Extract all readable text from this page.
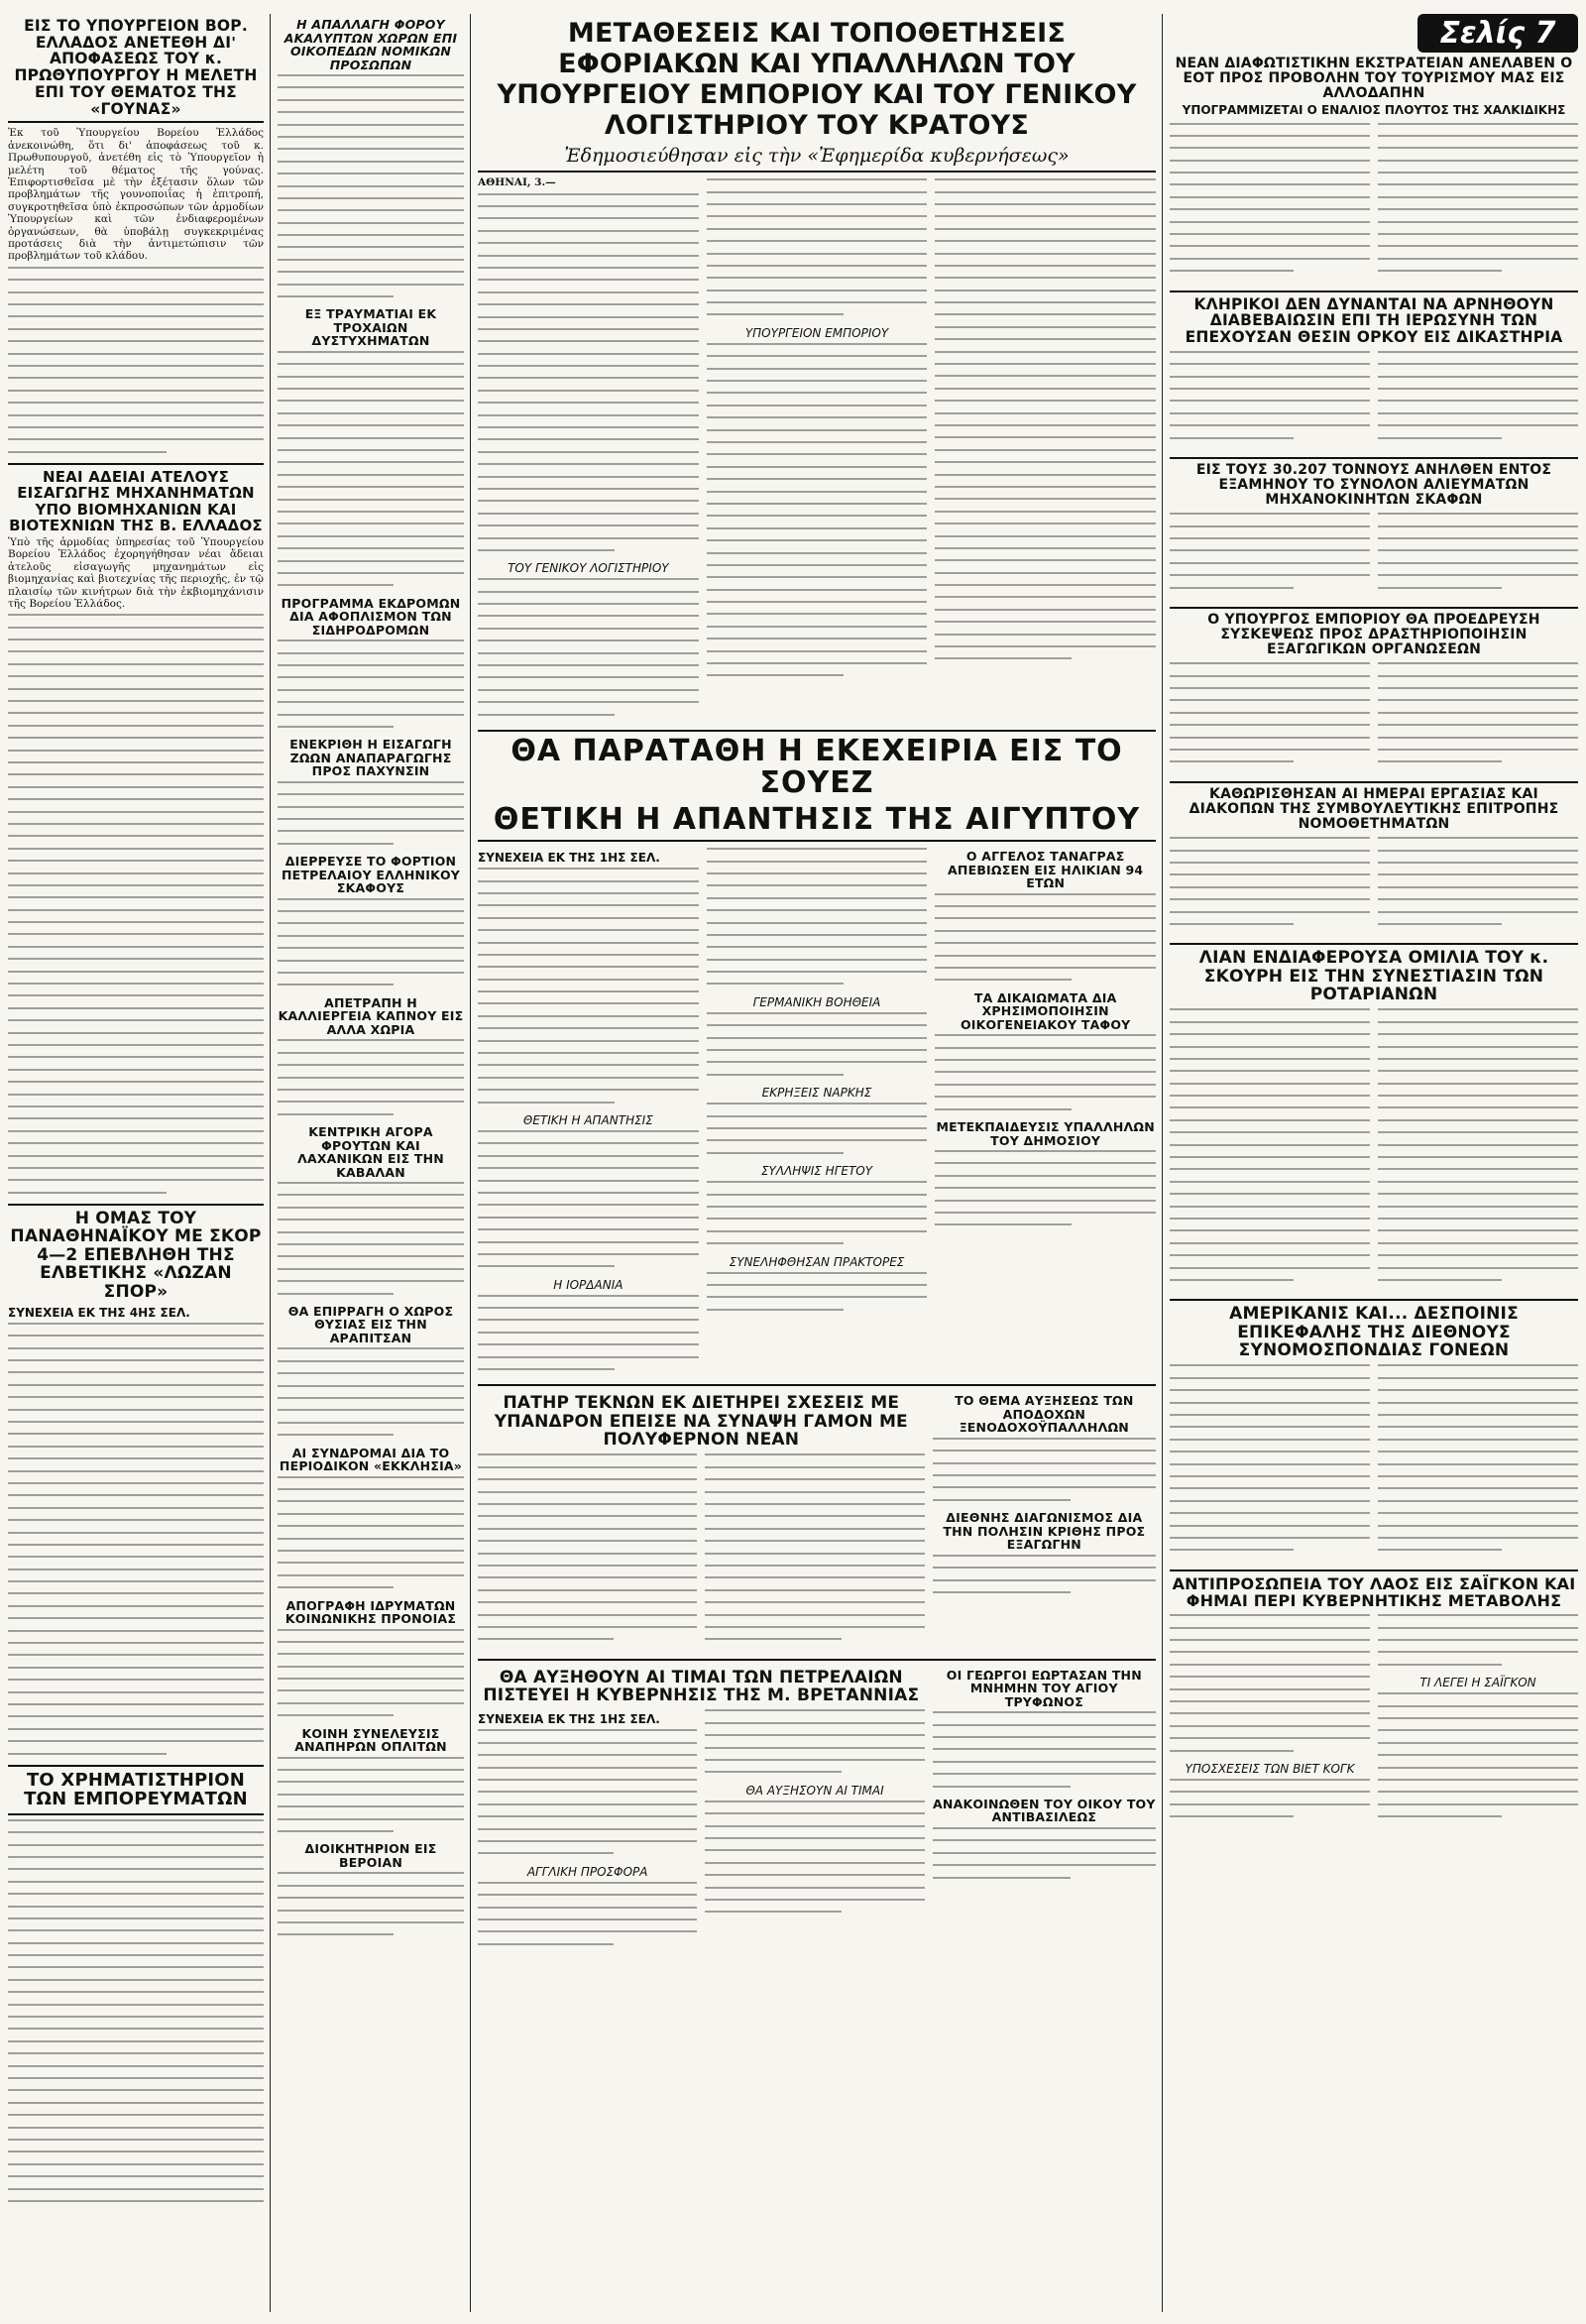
ΕΙΣ ΤΟ ΥΠΟΥΡΓΕΙΟΝ ΒΟΡ. ΕΛΛΑΔΟΣ ΑΝΕΤΕΘΗ ΔΙ' ΑΠΟΦΑΣΕΩΣ ΤΟΥ κ. ΠΡΩΘΥΠΟΥΡΓΟΥ Η ΜΕΛΕΤΗ ΕΠΙ ΤΟΥ ΘΕΜΑΤΟΣ ΤΗΣ «ΓΟΥΝΑΣ»
Ἐκ τοῦ Ὑπουργείου Βορείου Ἑλλάδος ἀνεκοινώθη, ὅτι δι' ἀποφάσεως τοῦ κ. Πρωθυπουργοῦ, ἀνετέθη εἰς τὸ Ὑπουργεῖον ἡ μελέτη τοῦ θέματος τῆς γούνας. Ἐπιφορτισθεῖσα μὲ τὴν ἐξέτασιν ὅλων τῶν προβλημάτων τῆς γουνοποιΐας ἡ ἐπιτροπή, συγκροτηθεῖσα ὑπὸ ἐκπροσώπων τῶν ἁρμοδίων Ὑπουργείων καὶ τῶν ἐνδιαφερομένων ὀργανώσεων, θὰ ὑποβάλῃ συγκεκριμένας προτάσεις διὰ τὴν ἀντιμετώπισιν τῶν προβλημάτων τοῦ κλάδου.
ΝΕΑΙ ΑΔΕΙΑΙ ΑΤΕΛΟΥΣ ΕΙΣΑΓΩΓΗΣ ΜΗΧΑΝΗΜΑΤΩΝ ΥΠΟ ΒΙΟΜΗΧΑΝΙΩΝ ΚΑΙ ΒΙΟΤΕΧΝΙΩΝ ΤΗΣ Β. ΕΛΛΑΔΟΣ
Ὑπὸ τῆς ἁρμοδίας ὑπηρεσίας τοῦ Ὑπουργείου Βορείου Ἑλλάδος ἐχορηγήθησαν νέαι ἄδειαι ἀτελοῦς εἰσαγωγῆς μηχανημάτων εἰς βιομηχανίας καὶ βιοτεχνίας τῆς περιοχῆς, ἐν τῷ πλαισίῳ τῶν κινήτρων διὰ τὴν ἐκβιομηχάνισιν τῆς Βορείου Ἑλλάδος.
Η ΟΜΑΣ ΤΟΥ ΠΑΝΑΘΗΝΑΪΚΟΥ ΜΕ ΣΚΟΡ 4—2 ΕΠΕΒΛΗΘΗ ΤΗΣ ΕΛΒΕΤΙΚΗΣ «ΛΩΖΑΝ ΣΠΟΡ»
ΣΥΝΕΧΕΙΑ ΕΚ ΤΗΣ 4ΗΣ ΣΕΛ.
ΤΟ ΧΡΗΜΑΤΙΣΤΗΡΙΟΝ ΤΩΝ ΕΜΠΟΡΕΥΜΑΤΩΝ
Η ΑΠΑΛΛΑΓΗ ΦΟΡΟΥ ΑΚΑΛΥΠΤΩΝ ΧΩΡΩΝ ΕΠΙ ΟΙΚΟΠΕΔΩΝ ΝΟΜΙΚΩΝ ΠΡΟΣΩΠΩΝ
ΕΞ ΤΡΑΥΜΑΤΙΑΙ ΕΚ ΤΡΟΧΑΙΩΝ ΔΥΣΤΥΧΗΜΑΤΩΝ
ΠΡΟΓΡΑΜΜΑ ΕΚΔΡΟΜΩΝ ΔΙΑ ΑΦΟΠΛΙΣΜΟΝ ΤΩΝ ΣΙΔΗΡΟΔΡΟΜΩΝ
ΕΝΕΚΡΙΘΗ Η ΕΙΣΑΓΩΓΗ ΖΩΩΝ ΑΝΑΠΑΡΑΓΩΓΗΣ ΠΡΟΣ ΠΑΧΥΝΣΙΝ
ΔΙΕΡΡΕΥΣΕ ΤΟ ΦΟΡΤΙΟΝ ΠΕΤΡΕΛΑΙΟΥ ΕΛΛΗΝΙΚΟΥ ΣΚΑΦΟΥΣ
ΑΠΕΤΡΑΠΗ Η ΚΑΛΛΙΕΡΓΕΙΑ ΚΑΠΝΟΥ ΕΙΣ ΑΛΛΑ ΧΩΡΙΑ
ΚΕΝΤΡΙΚΗ ΑΓΟΡΑ ΦΡΟΥΤΩΝ ΚΑΙ ΛΑΧΑΝΙΚΩΝ ΕΙΣ ΤΗΝ ΚΑΒΑΛΑΝ
ΘΑ ΕΠΙΡΡΑΓΗ Ο ΧΩΡΟΣ ΘΥΣΙΑΣ ΕΙΣ ΤΗΝ ΑΡΑΠΙΤΣΑΝ
ΑΙ ΣΥΝΔΡΟΜΑΙ ΔΙΑ ΤΟ ΠΕΡΙΟΔΙΚΟΝ «ΕΚΚΛΗΣΙΑ»
ΑΠΟΓΡΑΦΗ ΙΔΡΥΜΑΤΩΝ ΚΟΙΝΩΝΙΚΗΣ ΠΡΟΝΟΙΑΣ
ΚΟΙΝΗ ΣΥΝΕΛΕΥΣΙΣ ΑΝΑΠΗΡΩΝ ΟΠΛΙΤΩΝ
ΔΙΟΙΚΗΤΗΡΙΟΝ ΕΙΣ ΒΕΡΟΙΑΝ
ΜΕΤΑΘΕΣΕΙΣ ΚΑΙ ΤΟΠΟΘΕΤΗΣΕΙΣ ΕΦΟΡΙΑΚΩΝ ΚΑΙ ΥΠΑΛΛΗΛΩΝ ΤΟΥ ΥΠΟΥΡΓΕΙΟΥ ΕΜΠΟΡΙΟΥ ΚΑΙ ΤΟΥ ΓΕΝΙΚΟΥ ΛΟΓΙΣΤΗΡΙΟΥ ΤΟΥ ΚΡΑΤΟΥΣ
Ἐδημοσιεύθησαν εἰς τὴν «Ἐφημερίδα κυβερνήσεως»
ΑΘΗΝΑΙ, 3.—
ΤΟΥ ΓΕΝΙΚΟΥ ΛΟΓΙΣΤΗΡΙΟΥ
ΥΠΟΥΡΓΕΙΟΝ ΕΜΠΟΡΙΟΥ
ΘΑ ΠΑΡΑΤΑΘΗ Η ΕΚΕΧΕΙΡΙΑ ΕΙΣ ΤΟ ΣΟΥΕΖ
ΘΕΤΙΚΗ Η ΑΠΑΝΤΗΣΙΣ ΤΗΣ ΑΙΓΥΠΤΟΥ
ΣΥΝΕΧΕΙΑ ΕΚ ΤΗΣ 1ΗΣ ΣΕΛ.
ΘΕΤΙΚΗ Η ΑΠΑΝΤΗΣΙΣ
Η ΙΟΡΔΑΝΙΑ
ΓΕΡΜΑΝΙΚΗ ΒΟΗΘΕΙΑ
ΕΚΡΗΞΕΙΣ ΝΑΡΚΗΣ
ΣΥΛΛΗΨΙΣ ΗΓΕΤΟΥ
ΣΥΝΕΛΗΦΘΗΣΑΝ ΠΡΑΚΤΟΡΕΣ
Ο ΑΓΓΕΛΟΣ ΤΑΝΑΓΡΑΣ ΑΠΕΒΙΩΣΕΝ ΕΙΣ ΗΛΙΚΙΑΝ 94 ΕΤΩΝ
ΤΑ ΔΙΚΑΙΩΜΑΤΑ ΔΙΑ ΧΡΗΣΙΜΟΠΟΙΗΣΙΝ ΟΙΚΟΓΕΝΕΙΑΚΟΥ ΤΑΦΟΥ
ΜΕΤΕΚΠΑΙΔΕΥΣΙΣ ΥΠΑΛΛΗΛΩΝ ΤΟΥ ΔΗΜΟΣΙΟΥ
ΠΑΤΗΡ ΤΕΚΝΩΝ ΕΚ ΔΙΕΤΗΡΕΙ ΣΧΕΣΕΙΣ ΜΕ ΥΠΑΝΔΡΟΝ ΕΠΕΙΣΕ ΝΑ ΣΥΝΑΨΗ ΓΑΜΟΝ ΜΕ ΠΟΛΥΦΕΡΝΟΝ ΝΕΑΝ
ΤΟ ΘΕΜΑ ΑΥΞΗΣΕΩΣ ΤΩΝ ΑΠΟΔΟΧΩΝ ΞΕΝΟΔΟΧΟΫΠΑΛΛΗΛΩΝ
ΔΙΕΘΝΗΣ ΔΙΑΓΩΝΙΣΜΟΣ ΔΙΑ ΤΗΝ ΠΟΛΗΣΙΝ ΚΡΙΘΗΣ ΠΡΟΣ ΕΞΑΓΩΓΗΝ
ΘΑ ΑΥΞΗΘΟΥΝ ΑΙ ΤΙΜΑΙ ΤΩΝ ΠΕΤΡΕΛΑΙΩΝ ΠΙΣΤΕΥΕΙ Η ΚΥΒΕΡΝΗΣΙΣ ΤΗΣ Μ. ΒΡΕΤΑΝΝΙΑΣ
ΣΥΝΕΧΕΙΑ ΕΚ ΤΗΣ 1ΗΣ ΣΕΛ.
ΑΓΓΛΙΚΗ ΠΡΟΣΦΟΡΑ
ΘΑ ΑΥΞΗΣΟΥΝ ΑΙ ΤΙΜΑΙ
ΟΙ ΓΕΩΡΓΟΙ ΕΩΡΤΑΣΑΝ ΤΗΝ ΜΝΗΜΗΝ ΤΟΥ ΑΓΙΟΥ ΤΡΥΦΩΝΟΣ
ΑΝΑΚΟΙΝΩΘΕΝ ΤΟΥ ΟΙΚΟΥ ΤΟΥ ΑΝΤΙΒΑΣΙΛΕΩΣ
Σελίς 7
ΝΕΑΝ ΔΙΑΦΩΤΙΣΤΙΚΗΝ ΕΚΣΤΡΑΤΕΙΑΝ ΑΝΕΛΑΒΕΝ Ο ΕΟΤ ΠΡΟΣ ΠΡΟΒΟΛΗΝ ΤΟΥ ΤΟΥΡΙΣΜΟΥ ΜΑΣ ΕΙΣ ΑΛΛΟΔΑΠΗΝ
ΥΠΟΓΡΑΜΜΙΖΕΤΑΙ Ο ΕΝΑΛΙΟΣ ΠΛΟΥΤΟΣ ΤΗΣ ΧΑΛΚΙΔΙΚΗΣ
ΚΛΗΡΙΚΟΙ ΔΕΝ ΔΥΝΑΝΤΑΙ ΝΑ ΑΡΝΗΘΟΥΝ ΔΙΑΒΕΒΑΙΩΣΙΝ ΕΠΙ ΤΗ ΙΕΡΩΣΥΝΗ ΤΩΝ ΕΠΕΧΟΥΣΑΝ ΘΕΣΙΝ ΟΡΚΟΥ ΕΙΣ ΔΙΚΑΣΤΗΡΙΑ
ΕΙΣ ΤΟΥΣ 30.207 ΤΟΝΝΟΥΣ ΑΝΗΛΘΕΝ ΕΝΤΟΣ ΕΞΑΜΗΝΟΥ ΤΟ ΣΥΝΟΛΟΝ ΑΛΙΕΥΜΑΤΩΝ ΜΗΧΑΝΟΚΙΝΗΤΩΝ ΣΚΑΦΩΝ
Ο ΥΠΟΥΡΓΟΣ ΕΜΠΟΡΙΟΥ ΘΑ ΠΡΟΕΔΡΕΥΣΗ ΣΥΣΚΕΨΕΩΣ ΠΡΟΣ ΔΡΑΣΤΗΡΙΟΠΟΙΗΣΙΝ ΕΞΑΓΩΓΙΚΩΝ ΟΡΓΑΝΩΣΕΩΝ
ΚΑΘΩΡΙΣΘΗΣΑΝ ΑΙ ΗΜΕΡΑΙ ΕΡΓΑΣΙΑΣ ΚΑΙ ΔΙΑΚΟΠΩΝ ΤΗΣ ΣΥΜΒΟΥΛΕΥΤΙΚΗΣ ΕΠΙΤΡΟΠΗΣ ΝΟΜΟΘΕΤΗΜΑΤΩΝ
ΛΙΑΝ ΕΝΔΙΑΦΕΡΟΥΣΑ ΟΜΙΛΙΑ ΤΟΥ κ. ΣΚΟΥΡΗ ΕΙΣ ΤΗΝ ΣΥΝΕΣΤΙΑΣΙΝ ΤΩΝ ΡΟΤΑΡΙΑΝΩΝ
ΑΜΕΡΙΚΑΝΙΣ ΚΑΙ... ΔΕΣΠΟΙΝΙΣ ΕΠΙΚΕΦΑΛΗΣ ΤΗΣ ΔΙΕΘΝΟΥΣ ΣΥΝΟΜΟΣΠΟΝΔΙΑΣ ΓΟΝΕΩΝ
ΑΝΤΙΠΡΟΣΩΠΕΙΑ ΤΟΥ ΛΑΟΣ ΕΙΣ ΣΑΪΓΚΟΝ ΚΑΙ ΦΗΜΑΙ ΠΕΡΙ ΚΥΒΕΡΝΗΤΙΚΗΣ ΜΕΤΑΒΟΛΗΣ
ΥΠΟΣΧΕΣΕΙΣ ΤΩΝ ΒΙΕΤ ΚΟΓΚ
ΤΙ ΛΕΓΕΙ Η ΣΑΪΓΚΟΝ
